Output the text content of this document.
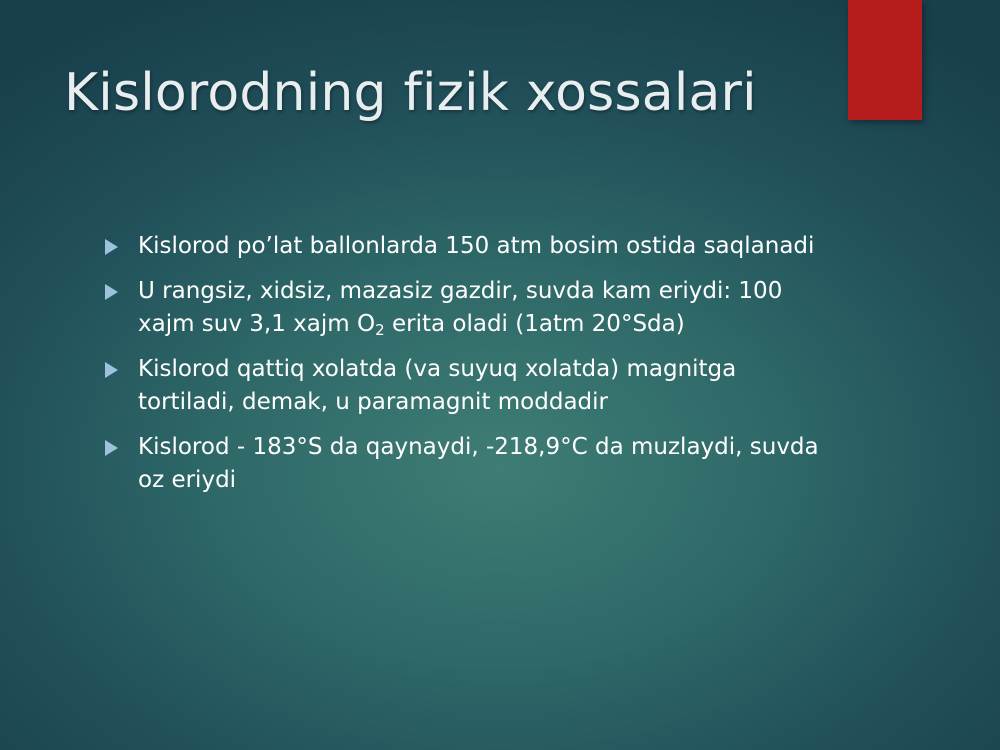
Kislorodning fizik xossalari
Kislorod po’lat ballonlarda 150 atm bosim ostida saqlanadi
U rangsiz, xidsiz, mazasiz gazdir, suvda kam eriydi: 100 xajm suv 3,1 xajm $O_2$ erita oladi (1atm 20°Sda)
Kislorod qattiq xolatda (va suyuq xolatda) magnitga tortiladi, demak, u paramagnit moddadir
Kislorod - 183°S da qaynaydi, -218,9°C da muzlaydi, suvda oz eriydi
